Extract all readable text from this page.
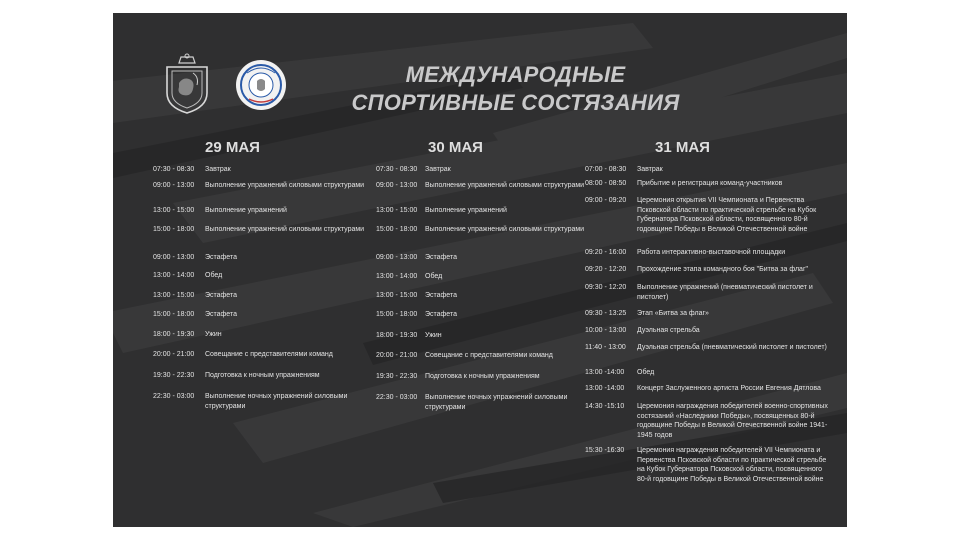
МЕЖДУНАРОДНЫЕ
СПОРТИВНЫЕ СОСТЯЗАНИЯ
29 МАЯ	30 МАЯ	31 МАЯ
07:30 - 08:30	Завтрак
09:00 - 13:00	Выполнение упражнений силовыми структурами
13:00 - 15:00	Выполнение упражнений
15:00 - 18:00	Выполнение упражнений силовыми структурами
09:00 - 13:00	Эстафета
13:00 - 14:00	Обед
13:00 - 15:00	Эстафета
15:00 - 18:00	Эстафета
18:00 - 19:30	Ужин
20:00 - 21:00	Совещание с представителями команд
19:30 - 22:30	Подготовка к ночным упражнениям
22:30 - 03:00	Выполнение ночных упражнений силовыми структурами
07:30 - 08:30	Завтрак
09:00 - 13:00	Выполнение упражнений силовыми структурами
13:00 - 15:00	Выполнение упражнений
15:00 - 18:00	Выполнение упражнений силовыми структурами
09:00 - 13:00	Эстафета
13:00 - 14:00	Обед
13:00 - 15:00	Эстафета
15:00 - 18:00	Эстафета
18:00 - 19:30	Ужин
20:00 - 21:00	Совещание с представителями команд
19:30 - 22:30	Подготовка к ночным упражнениям
22:30 - 03:00	Выполнение ночных упражнений силовыми структурами
07:00 - 08:30	Завтрак
08:00 - 08:50	Прибытие и регистрация команд-участников
09:00 - 09:20	Церемония открытия VII Чемпионата и Первенства Псковской области по практической стрельбе на Кубок Губернатора Псковской области, посвященного 80-й годовщине Победы в Великой Отечественной войне
09:20 - 16:00	Работа интерактивно-выставочной площадки
09:20 - 12:20	Прохождение этапа командного боя "Битва за флаг"
09:30 - 12:20	Выполнение упражнений (пневматический пистолет и пистолет)
09:30 - 13:25	Этап «Битва за флаг»
10:00 - 13:00	Дуэльная стрельба
11:40 - 13:00	Дуэльная стрельба (пневматический пистолет и пистолет)
13:00 -14:00	Обед
13:00 -14:00	Концерт Заслуженного артиста России Евгения Дятлова
14:30 -15:10	Церемония награждения победителей военно-спортивных состязаний «Наследники Победы», посвященных 80-й годовщине Победы в Великой Отечественной войне 1941-1945 годов
15:30 -16:30	Церемония награждения победителей VII Чемпионата и Первенства Псковской области по практической стрельбе на Кубок Губернатора Псковской области, посвященного 80-й годовщине Победы в Великой Отечественной войне
